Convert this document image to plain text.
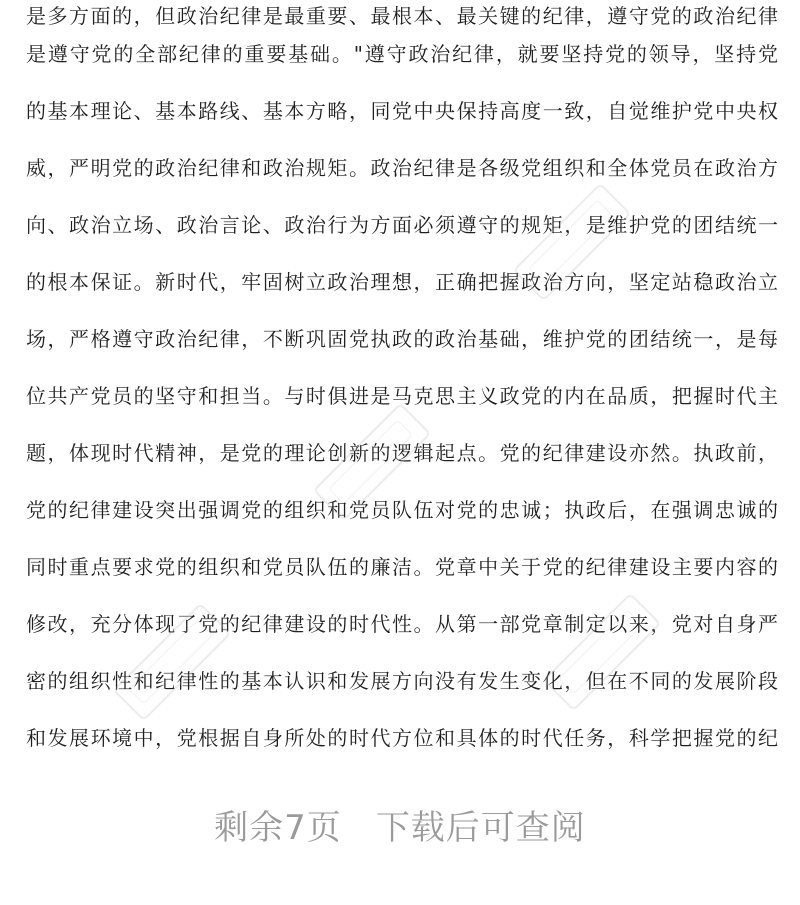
是多方面的，但政治纪律是最重要、最根本、最关键的纪律，遵守党的政治纪律
是遵守党的全部纪律的重要基础。"遵守政治纪律，就要坚持党的领导，坚持党
的基本理论、基本路线、基本方略，同党中央保持高度一致，自觉维护党中央权
威，严明党的政治纪律和政治规矩。政治纪律是各级党组织和全体党员在政治方
向、政治立场、政治言论、政治行为方面必须遵守的规矩，是维护党的团结统一
的根本保证。新时代，牢固树立政治理想，正确把握政治方向，坚定站稳政治立
场，严格遵守政治纪律，不断巩固党执政的政治基础，维护党的团结统一，是每
位共产党员的坚守和担当。与时俱进是马克思主义政党的内在品质，把握时代主
题，体现时代精神，是党的理论创新的逻辑起点。党的纪律建设亦然。执政前，
党的纪律建设突出强调党的组织和党员队伍对党的忠诚；执政后，在强调忠诚的
同时重点要求党的组织和党员队伍的廉洁。党章中关于党的纪律建设主要内容的
修改，充分体现了党的纪律建设的时代性。从第一部党章制定以来，党对自身严
密的组织性和纪律性的基本认识和发展方向没有发生变化，但在不同的发展阶段
和发展环境中，党根据自身所处的时代方位和具体的时代任务，科学把握党的纪
剩余7页 下载后可查阅
